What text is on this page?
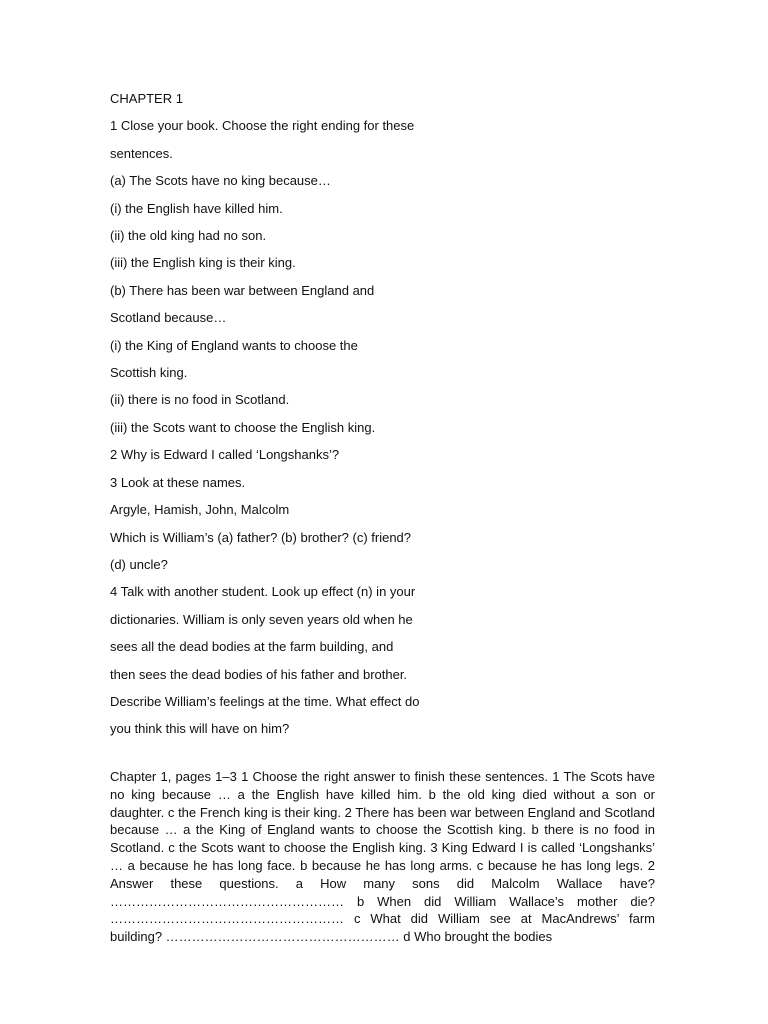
CHAPTER 1
1 Close your book. Choose the right ending for these
sentences.
(a) The Scots have no king because…
(i) the English have killed him.
(ii) the old king had no son.
(iii) the English king is their king.
(b) There has been war between England and
Scotland because…
(i) the King of England wants to choose the
Scottish king.
(ii) there is no food in Scotland.
(iii) the Scots want to choose the English king.
2 Why is Edward I called ‘Longshanks’?
3 Look at these names.
Argyle, Hamish, John, Malcolm
Which is William’s (a) father? (b) brother? (c) friend?
(d) uncle?
4 Talk with another student. Look up effect (n) in your
dictionaries. William is only seven years old when he
sees all the dead bodies at the farm building, and
then sees the dead bodies of his father and brother.
Describe William’s feelings at the time. What effect do
you think this will have on him?
Chapter 1, pages 1–3 1 Choose the right answer to finish these sentences. 1 The Scots have no king because … a the English have killed him. b the old king died without a son or daughter. c the French king is their king. 2 There has been war between England and Scotland because … a the King of England wants to choose the Scottish king. b there is no food in Scotland. c the Scots want to choose the English king. 3 King Edward I is called ‘Longshanks’ … a because he has long face. b because he has long arms. c because he has long legs. 2 Answer these questions. a How many sons did Malcolm Wallace have? ……………………………………………… b When did William Wallace’s mother die? ……………………………………………… c What did William see at MacAndrews’ farm building? ……………………………………………… d Who brought the bodies
